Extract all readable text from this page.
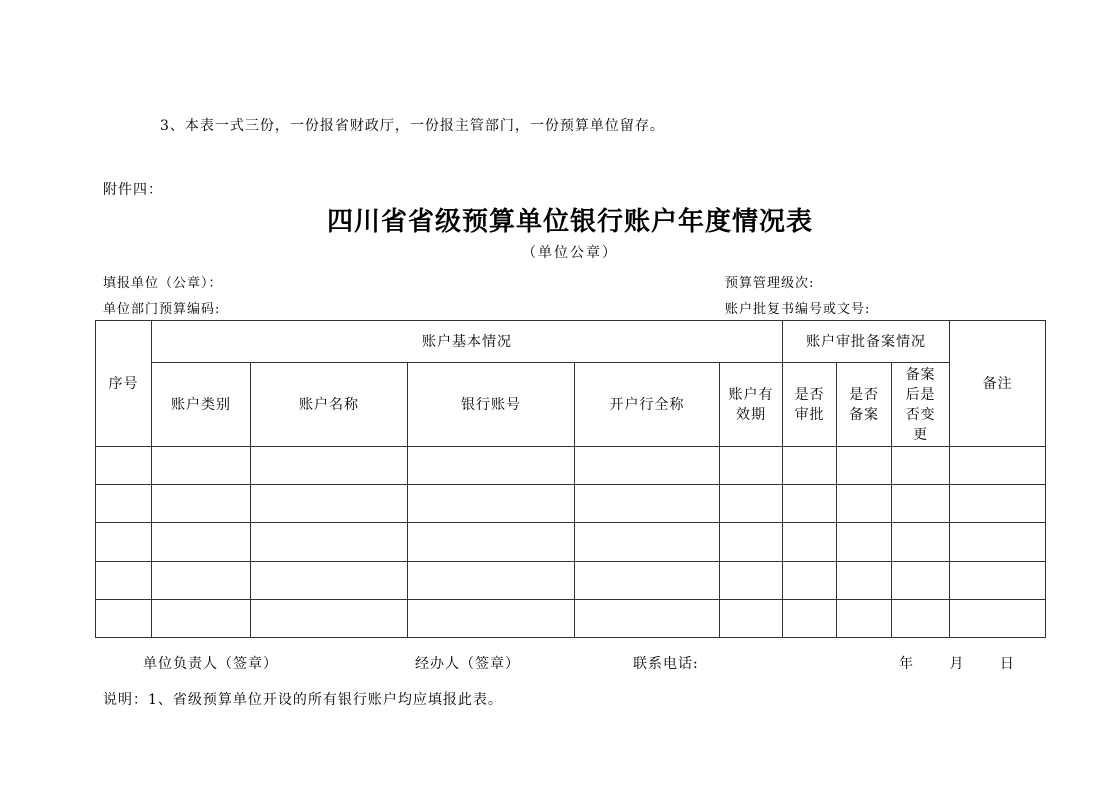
3、本表一式三份，一份报省财政厅，一份报主管部门，一份预算单位留存。
附件四：
四川省省级预算单位银行账户年度情况表
（单位公章）
填报单位（公章）：
单位部门预算编码:
预算管理级次:
账户批复书编号或文号:
序号	账户基本情况					账户审批备案情况			备注
	账户类别	账户名称	银行账号	开户行全称	账户有效期	是否审批	是否备案	备案后是否变更	

单位负责人（签章）	经办人（签章）	联系电话:	年 月 日
说明：1、省级预算单位开设的所有银行账户均应填报此表。
